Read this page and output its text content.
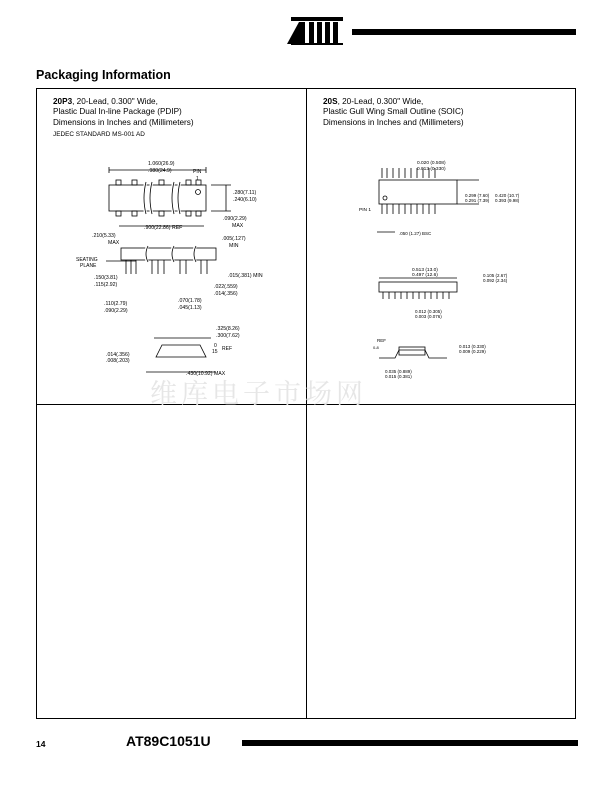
Packaging Information
20P3, 20-Lead, 0.300" Wide,
Plastic Dual In-line Package (PDIP)
Dimensions in Inches and (Millimeters)
JEDEC STANDARD MS-001 AD
20S, 20-Lead, 0.300" Wide,
Plastic Gull Wing Small Outline (SOIC)
Dimensions in Inches and (Millimeters)
1.060(26.9)
.980(24.9)	PIN
1
.280(7.11)
.240(6.10)
.900(22.86) REF
.090(2.29)
MAX
.210(5.33)
MAX
.005(.127)
MIN
SEATING
PLANE
.150(3.81)
.115(2.92)
.015(.381) MIN
.022(.559)
.014(.356)
.110(2.79)
.090(2.29)
.070(1.78)
.045(1.13)
.325(8.26)
.300(7.62)
0
15 REF
.014(.356)
.008(.203)
.430(10.92) MAX
0.020 (0.508)
0.013 (0.330)
PIN 1
0.299 (7.60)
0.291 (7.39)
0.420 (10.7)
0.393 (9.98)
.050 (1.27) BSC
0.513 (13.0)
0.497 (12.6)	0.105 (2.67)
0.092 (2.34)
0.012 (0.305)
0.003 (0.076)
0-8
REF
0.013 (0.330)
0.009 (0.229)
0.035 (0.889)
0.015 (0.381)
维库电子市场网
14	AT89C1051U
